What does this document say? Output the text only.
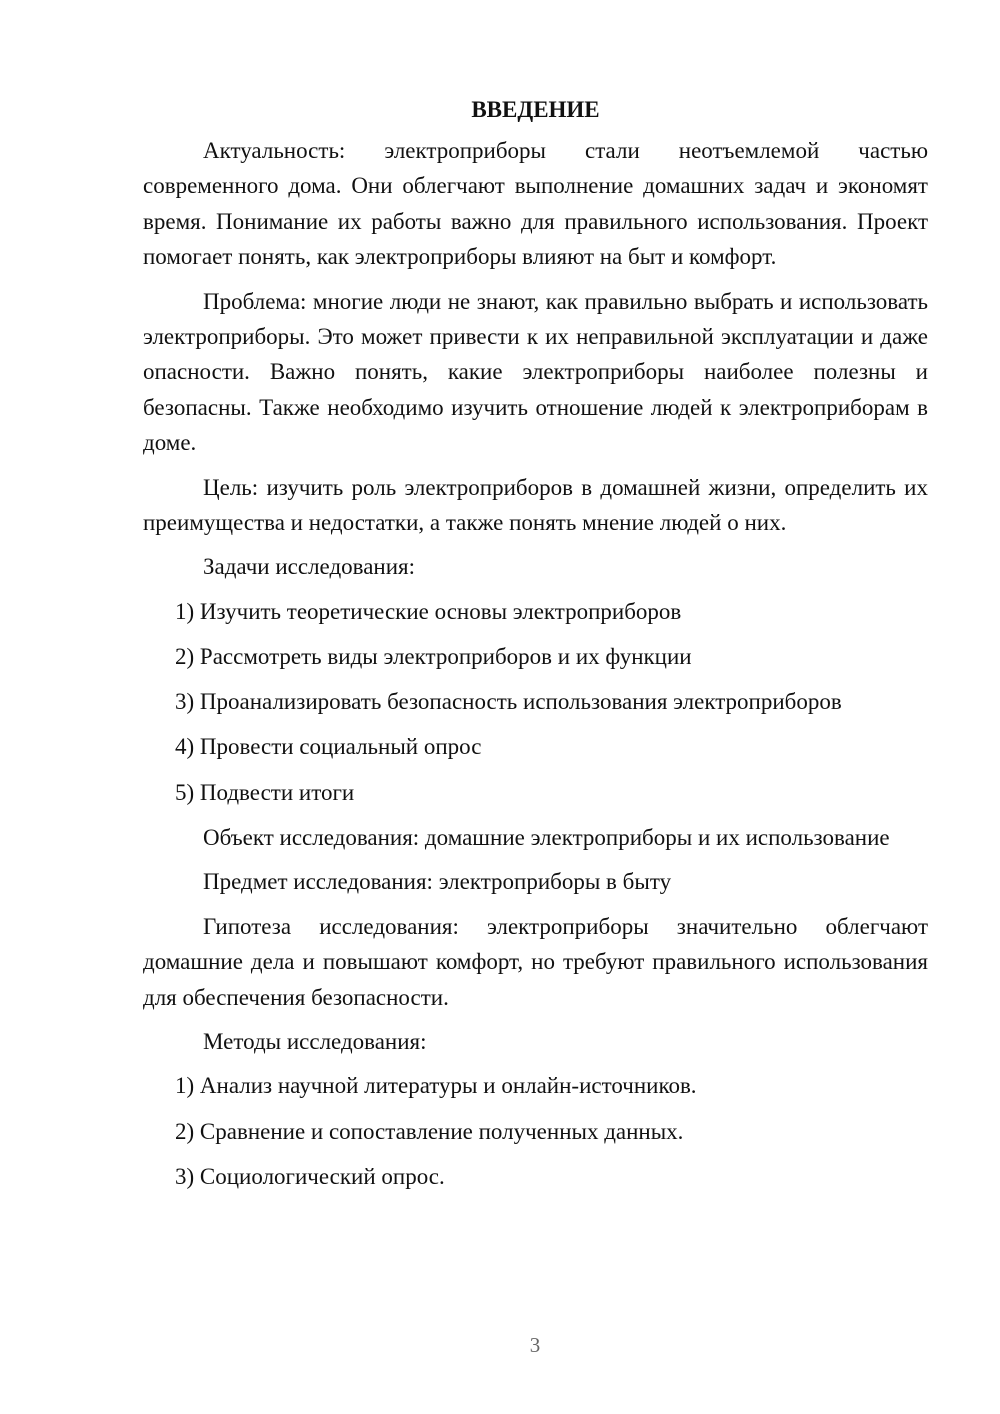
ВВЕДЕНИЕ

Актуальность: электроприборы стали неотъемлемой частью современного дома. Они облегчают выполнение домашних задач и экономят время. Понимание их работы важно для правильного использования. Проект помогает понять, как электроприборы влияют на быт и комфорт.

Проблема: многие люди не знают, как правильно выбрать и использовать электроприборы. Это может привести к их неправильной эксплуатации и даже опасности. Важно понять, какие электроприборы наиболее полезны и безопасны. Также необходимо изучить отношение людей к электроприборам в доме.

Цель: изучить роль электроприборов в домашней жизни, определить их преимущества и недостатки, а также понять мнение людей о них.

Задачи исследования:

1) Изучить теоретические основы электроприборов

2) Рассмотреть виды электроприборов и их функции

3) Проанализировать безопасность использования электроприборов

4) Провести социальный опрос

5) Подвести итоги

Объект исследования: домашние электроприборы и их использование

Предмет исследования: электроприборы в быту

Гипотеза исследования: электроприборы значительно облегчают домашние дела и повышают комфорт, но требуют правильного использования для обеспечения безопасности.

Методы исследования:

1) Анализ научной литературы и онлайн-источников.

2) Сравнение и сопоставление полученных данных.

3) Социологический опрос.

3
